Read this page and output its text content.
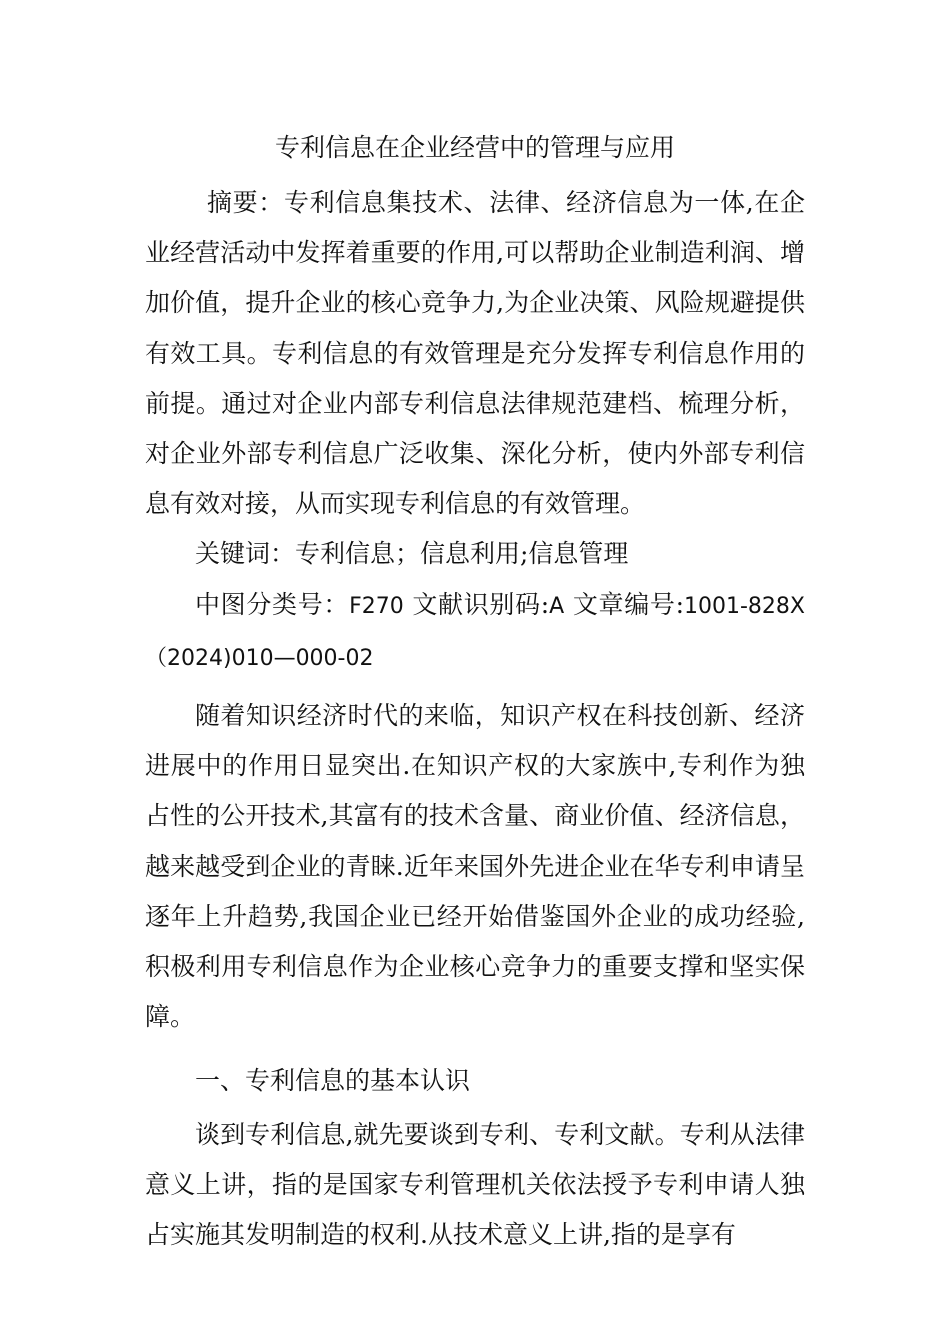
专利信息在企业经营中的管理与应用

摘要：专利信息集技术、法律、经济信息为一体,在企业经营活动中发挥着重要的作用,可以帮助企业制造利润、增加价值，提升企业的核心竞争力,为企业决策、风险规避提供有效工具。专利信息的有效管理是充分发挥专利信息作用的前提。通过对企业内部专利信息法律规范建档、梳理分析，对企业外部专利信息广泛收集、深化分析，使内外部专利信息有效对接，从而实现专利信息的有效管理。

关键词：专利信息；信息利用;信息管理

中图分类号：F270 文献识别码:A 文章编号:1001-828X（2024)010—000-02

随着知识经济时代的来临，知识产权在科技创新、经济进展中的作用日显突出.在知识产权的大家族中,专利作为独占性的公开技术,其富有的技术含量、商业价值、经济信息，越来越受到企业的青睐.近年来国外先进企业在华专利申请呈逐年上升趋势,我国企业已经开始借鉴国外企业的成功经验,积极利用专利信息作为企业核心竞争力的重要支撑和坚实保障。

一、专利信息的基本认识

谈到专利信息,就先要谈到专利、专利文献。专利从法律意义上讲，指的是国家专利管理机关依法授予专利申请人独占实施其发明制造的权利.从技术意义上讲,指的是享有
